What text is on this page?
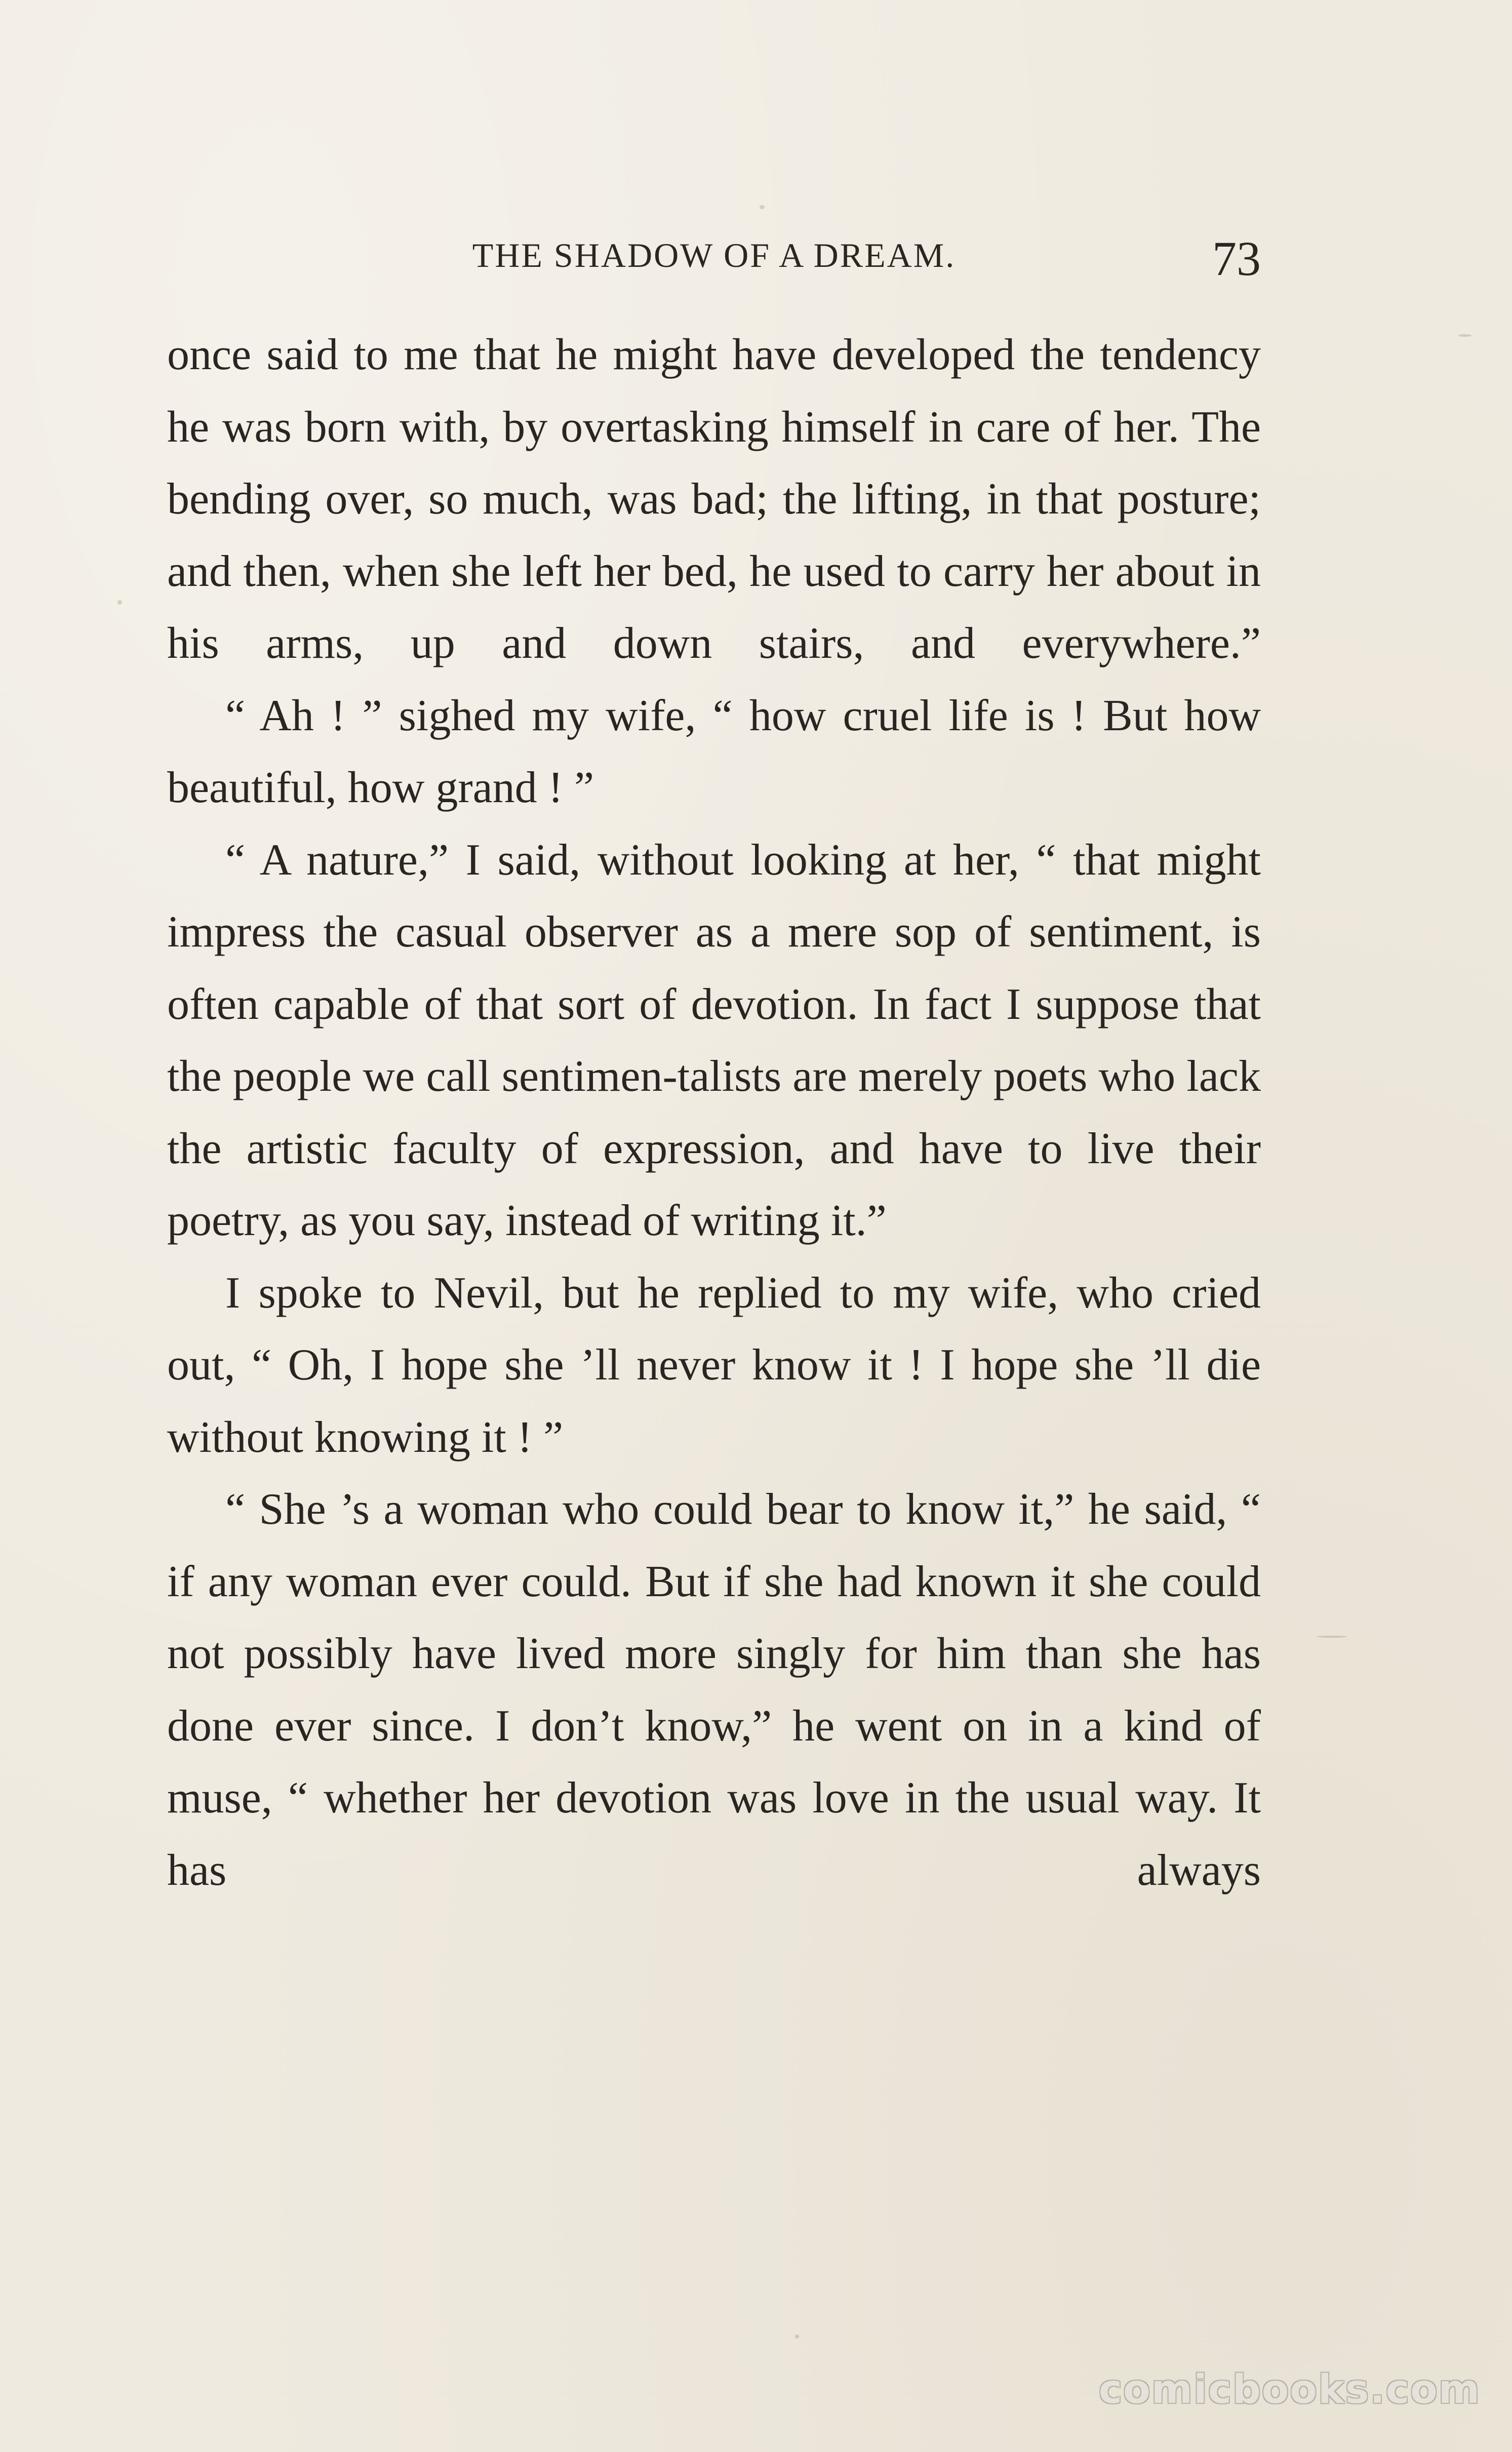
THE SHADOW OF A DREAM.	73

once said to me that he might have developed the tendency he was born with, by overtasking himself in care of her. The bending over, so much, was bad; the lifting, in that posture; and then, when she left her bed, he used to carry her about in his arms, up and down stairs, and everywhere.”

“ Ah ! ” sighed my wife, “ how cruel life is ! But how beautiful, how grand ! ”

“ A nature,” I said, without looking at her, “ that might impress the casual observer as a mere sop of sentiment, is often capable of that sort of devotion. In fact I suppose that the people we call sentimen-talists are merely poets who lack the artistic faculty of expression, and have to live their poetry, as you say, instead of writing it.”

I spoke to Nevil, but he replied to my wife, who cried out, “ Oh, I hope she ’ll never know it ! I hope she ’ll die without knowing it ! ”

“ She ’s a woman who could bear to know it,” he said, “ if any woman ever could. But if she had known it she could not possibly have lived more singly for him than she has done ever since. I don’t know,” he went on in a kind of muse, “ whether her devotion was love in the usual way. It has always

comicbooks.com
